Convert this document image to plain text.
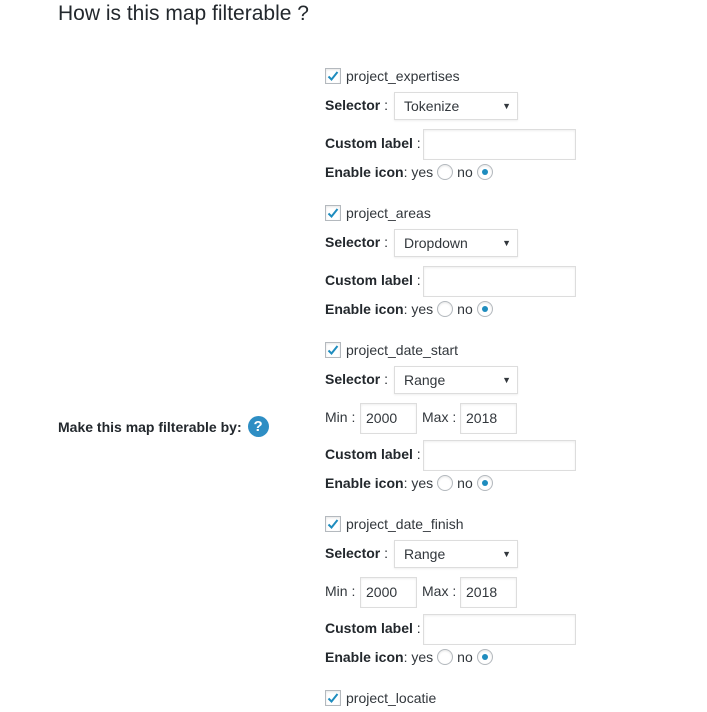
How is this map filterable ?
Make this map filterable by: ?
project_expertises
Selector :	Tokenize	▼
Custom label :
Enable icon :
yes no
project_areas
Selector :	Dropdown	▼
Custom label :
Enable icon :
yes no
project_date_start
Selector :	Range	▼
Min : 2000	Max : 2018
Custom label :
Enable icon :
yes no
project_date_finish
Selector :	Range	▼
Min : 2000	Max : 2018
Custom label :
Enable icon :
yes no
project_locatie
